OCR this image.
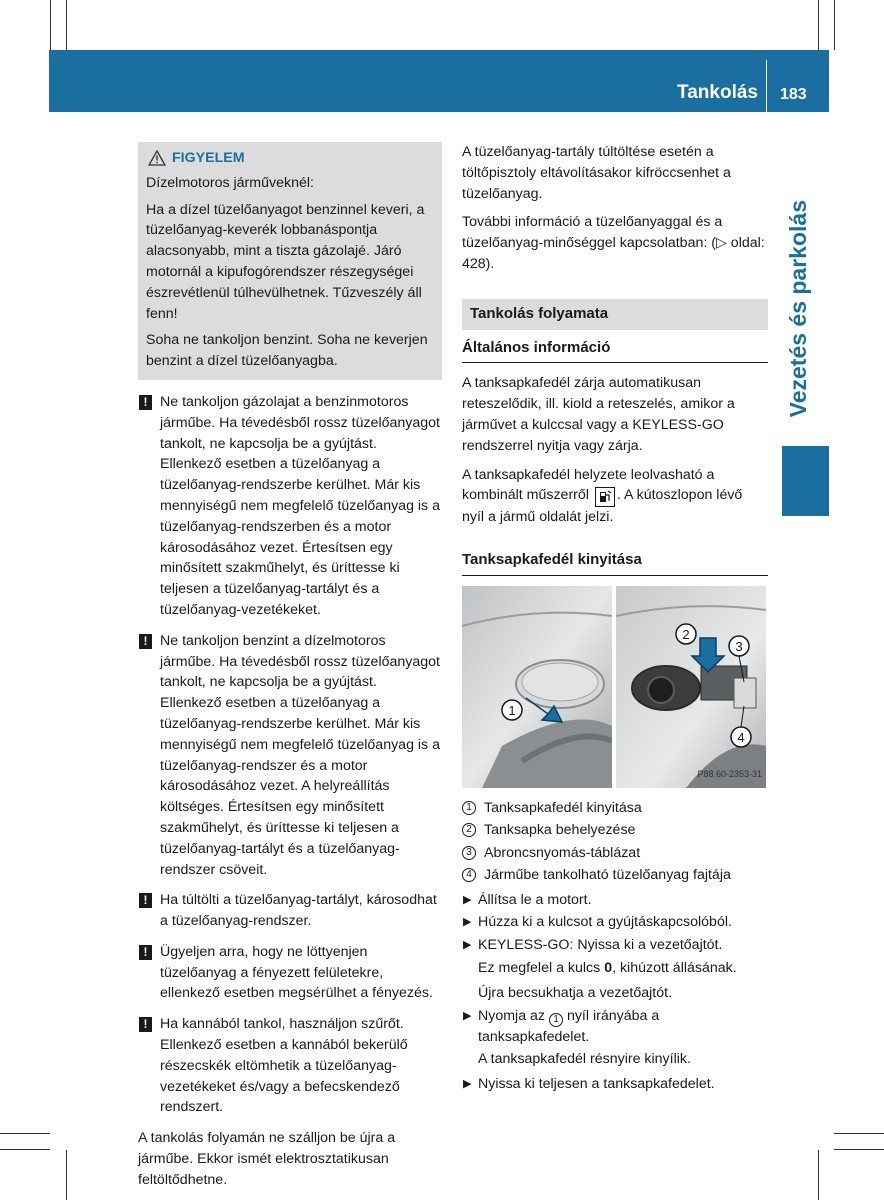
Tankolás 183
Vezetés és parkolás
FIGYELEM

Dízelmotoros járműveknél:

Ha a dízel tüzelőanyagot benzinnel keveri, a tüzelőanyag-keverék lobbanáspontja alacsonyabb, mint a tiszta gázolajé. Járó motornál a kipufogórendszer részegységei észrevétlenül túlhevülhetnek. Tűzveszély áll fenn!

Soha ne tankoljon benzint. Soha ne keverjen benzint a dízel tüzelőanyagba.

! Ne tankoljon gázolajat a benzinmotoros járműbe. Ha tévedésből rossz tüzelőanyagot tankolt, ne kapcsolja be a gyújtást. Ellenkező esetben a tüzelőanyag a tüzelőanyag-rendszerbe kerülhet. Már kis mennyiségű nem megfelelő tüzelőanyag is a tüzelőanyag-rendszerben és a motor károsodásához vezet. Értesítsen egy minősített szakműhelyt, és üríttesse ki teljesen a tüzelőanyag-tartályt és a tüzelőanyag-vezetékeket.
! Ne tankoljon benzint a dízelmotoros járműbe. Ha tévedésből rossz tüzelőanyagot tankolt, ne kapcsolja be a gyújtást. Ellenkező esetben a tüzelőanyag a tüzelőanyag-rendszerbe kerülhet. Már kis mennyiségű nem megfelelő tüzelőanyag is a tüzelőanyag-rendszer és a motor károsodásához vezet. A helyreállítás költséges. Értesítsen egy minősített szakműhelyt, és üríttesse ki teljesen a tüzelőanyag-tartályt és a tüzelőanyag-rendszer csöveit.
! Ha túltölti a tüzelőanyag-tartályt, károsodhat a tüzelőanyag-rendszer.
! Ügyeljen arra, hogy ne löttyenjen tüzelőanyag a fényezett felületekre, ellenkező esetben megsérülhet a fényezés.
! Ha kannából tankol, használjon szűrőt. Ellenkező esetben a kannából bekerülő részecskék eltömhetik a tüzelőanyag-vezetékeket és/vagy a befecskendező rendszert.

A tankolás folyamán ne szálljon be újra a járműbe. Ekkor ismét elektrosztatikusan feltöltődhetne.

A tüzelőanyag-tartály túltöltése esetén a töltőpisztoly eltávolításakor kifröccsenhet a tüzelőanyag.

További információ a tüzelőanyaggal és a tüzelőanyag-minőséggel kapcsolatban: (▷ oldal: 428).

Tankolás folyamata
Általános információ

A tanksapkafedél zárja automatikusan reteszelődik, ill. kiold a reteszelés, amikor a járművet a kulccsal vagy a KEYLESS-GO rendszerrel nyitja vagy zárja.

A tanksapkafedél helyzete leolvasható a kombinált műszerről . A kútoszlopon lévő nyíl a jármű oldalát jelzi.

Tanksapkafedél kinyitása
1
2
3
4
P88.60-2353-31
1 Tanksapkafedél kinyitása
2 Tanksapka behelyezése
3 Abroncsnyomás-táblázat
4 Járműbe tankolható tüzelőanyag fajtája
▶ Állítsa le a motort.
▶ Húzza ki a kulcsot a gyújtáskapcsolóból.
▶ KEYLESS-GO: Nyissa ki a vezetőajtót.
Ez megfelel a kulcs 0, kihúzott állásának.
Újra becsukhatja a vezetőajtót.
▶ Nyomja az 1 nyíl irányába a tanksapkafedelet.
A tanksapkafedél résnyire kinyílik.
▶ Nyissa ki teljesen a tanksapkafedelet.
